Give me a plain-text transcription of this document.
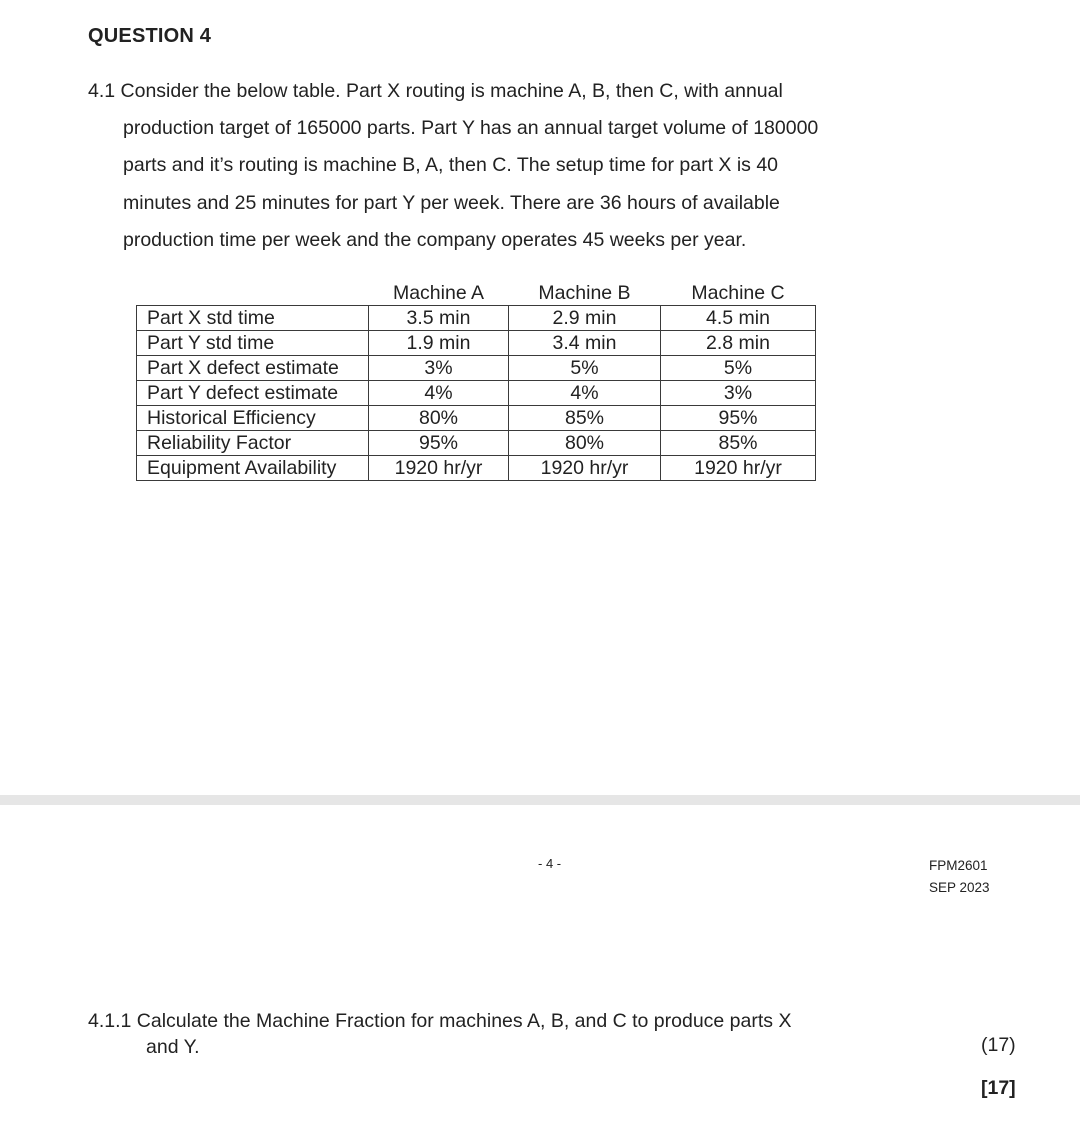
QUESTION 4
4.1 Consider the below table. Part X routing is machine A, B, then C, with annual
production target of 165000 parts. Part Y has an annual target volume of 180000
parts and it’s routing is machine B, A, then C. The setup time for part X is 40
minutes and 25 minutes for part Y per week. There are 36 hours of available
production time per week and the company operates 45 weeks per year.
	Machine A	Machine B	Machine C
Part X std time	3.5 min	2.9 min	4.5 min
Part Y std time	1.9 min	3.4 min	2.8 min
Part X defect estimate	3%	5%	5%
Part Y defect estimate	4%	4%	3%
Historical Efficiency	80%	85%	95%
Reliability Factor	95%	80%	85%
Equipment Availability	1920 hr/yr	1920 hr/yr	1920 hr/yr
- 4 -	FPM2601
SEP 2023
4.1.1 Calculate the Machine Fraction for machines A, B, and C to produce parts X
and Y.	(17)
[17]
